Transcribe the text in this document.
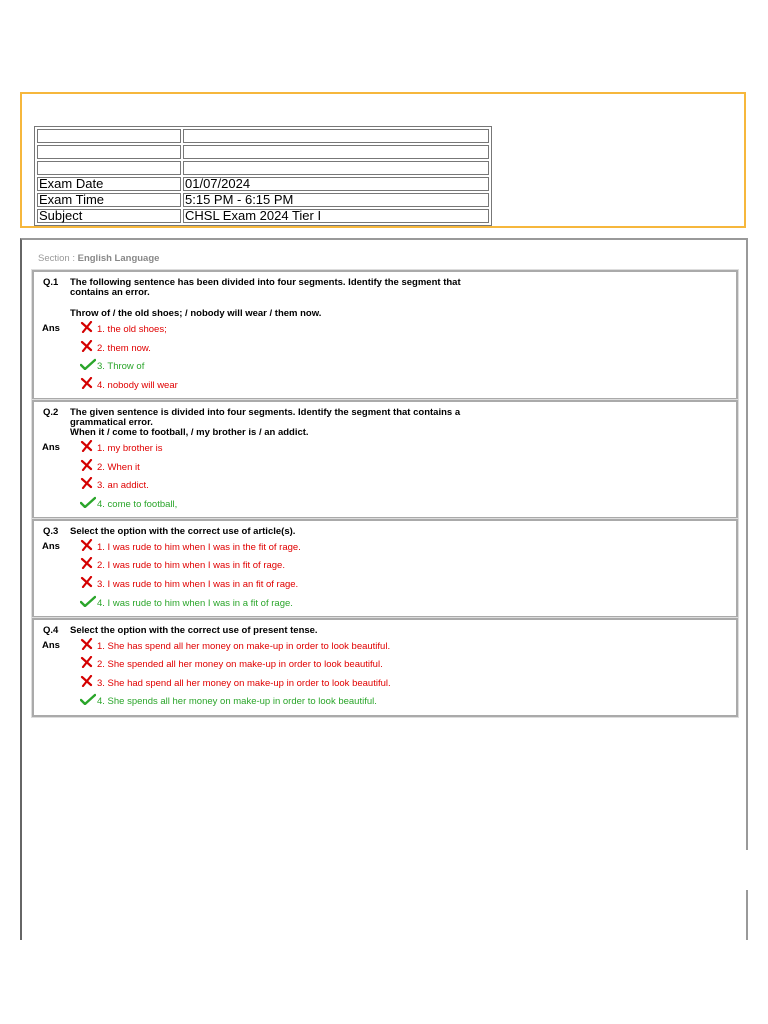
Exam Date	01/07/2024
Exam Time	5:15 PM - 6:15 PM
Subject	CHSL Exam 2024 Tier I
Section : English Language
Q.1 The following sentence has been divided into four segments. Identify the segment that
contains an error.
Throw of / the old shoes; / nobody will wear / them now.
Ans	1. the old shoes;
2. them now.
3. Throw of
4. nobody will wear
Q.2 The given sentence is divided into four segments. Identify the segment that contains a
grammatical error.
When it / come to football, / my brother is / an addict.
Ans	1. my brother is
2. When it
3. an addict.
4. come to football,
Q.3 Select the option with the correct use of article(s).
Ans	1. I was rude to him when I was in the fit of rage.
2. I was rude to him when I was in fit of rage.
3. I was rude to him when I was in an fit of rage.
4. I was rude to him when I was in a fit of rage.
Q.4 Select the option with the correct use of present tense.
Ans	1. She has spend all her money on make-up in order to look beautiful.
2. She spended all her money on make-up in order to look beautiful.
3. She had spend all her money on make-up in order to look beautiful.
4. She spends all her money on make-up in order to look beautiful.
